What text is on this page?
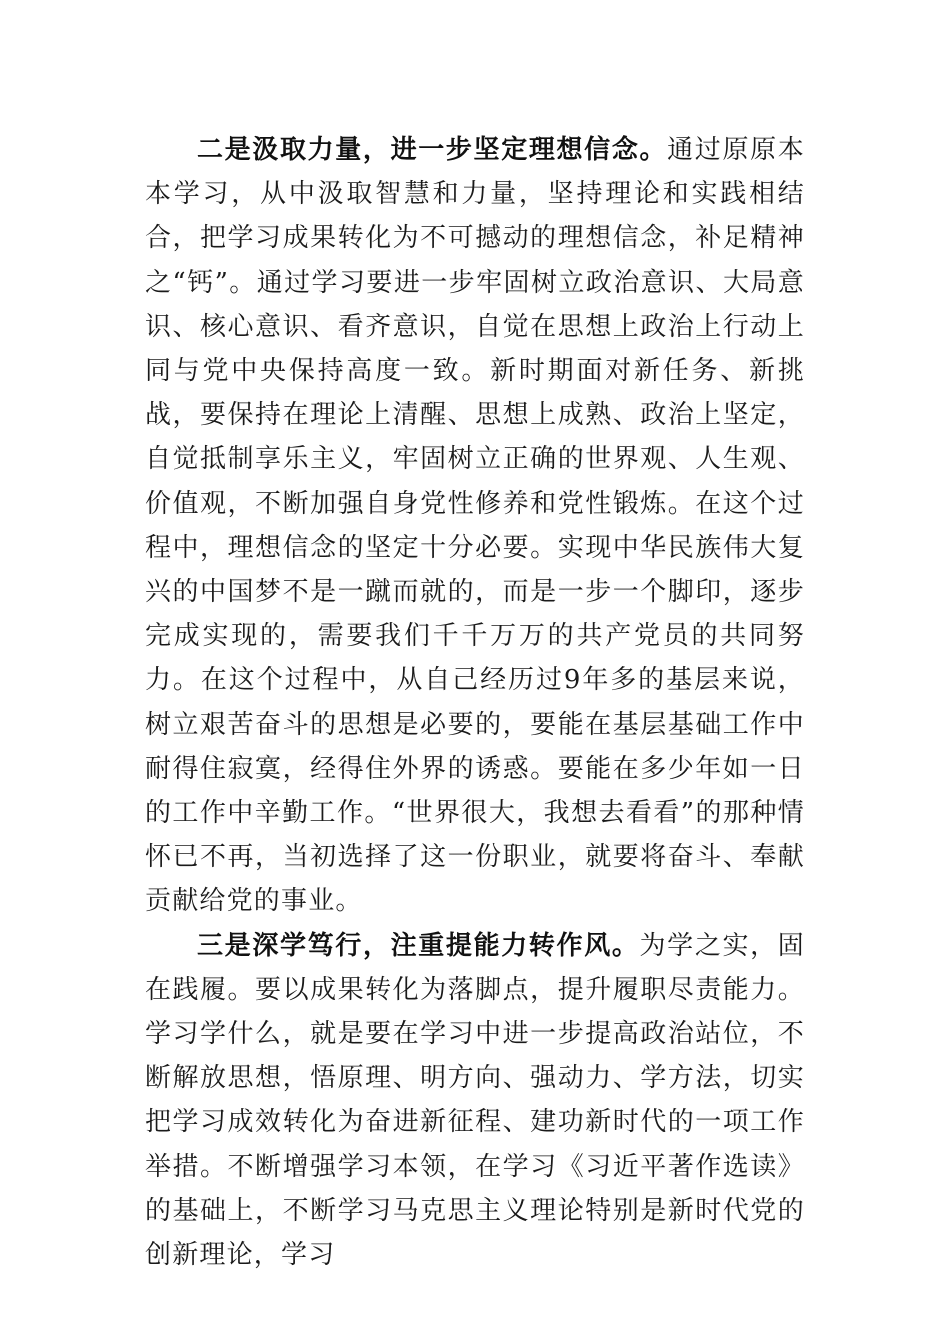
二是汲取力量，进一步坚定理想信念。通过原原本本学习，从中汲取智慧和力量，坚持理论和实践相结合，把学习成果转化为不可撼动的理想信念，补足精神之“钙”。通过学习要进一步牢固树立政治意识、大局意识、核心意识、看齐意识，自觉在思想上政治上行动上同与党中央保持高度一致。新时期面对新任务、新挑战，要保持在理论上清醒、思想上成熟、政治上坚定，自觉抵制享乐主义，牢固树立正确的世界观、人生观、价值观，不断加强自身党性修养和党性锻炼。在这个过程中，理想信念的坚定十分必要。实现中华民族伟大复兴的中国梦不是一蹴而就的，而是一步一个脚印，逐步完成实现的，需要我们千千万万的共产党员的共同努力。在这个过程中，从自己经历过9年多的基层来说，树立艰苦奋斗的思想是必要的，要能在基层基础工作中耐得住寂寞，经得住外界的诱惑。要能在多少年如一日的工作中辛勤工作。“世界很大，我想去看看”的那种情怀已不再，当初选择了这一份职业，就要将奋斗、奉献贡献给党的事业。

三是深学笃行，注重提能力转作风。为学之实，固在践履。要以成果转化为落脚点，提升履职尽责能力。学习学什么，就是要在学习中进一步提高政治站位，不断解放思想，悟原理、明方向、强动力、学方法，切实把学习成效转化为奋进新征程、建功新时代的一项工作举措。不断增强学习本领，在学习《习近平著作选读》的基础上，不断学习马克思主义理论特别是新时代党的创新理论，学习
